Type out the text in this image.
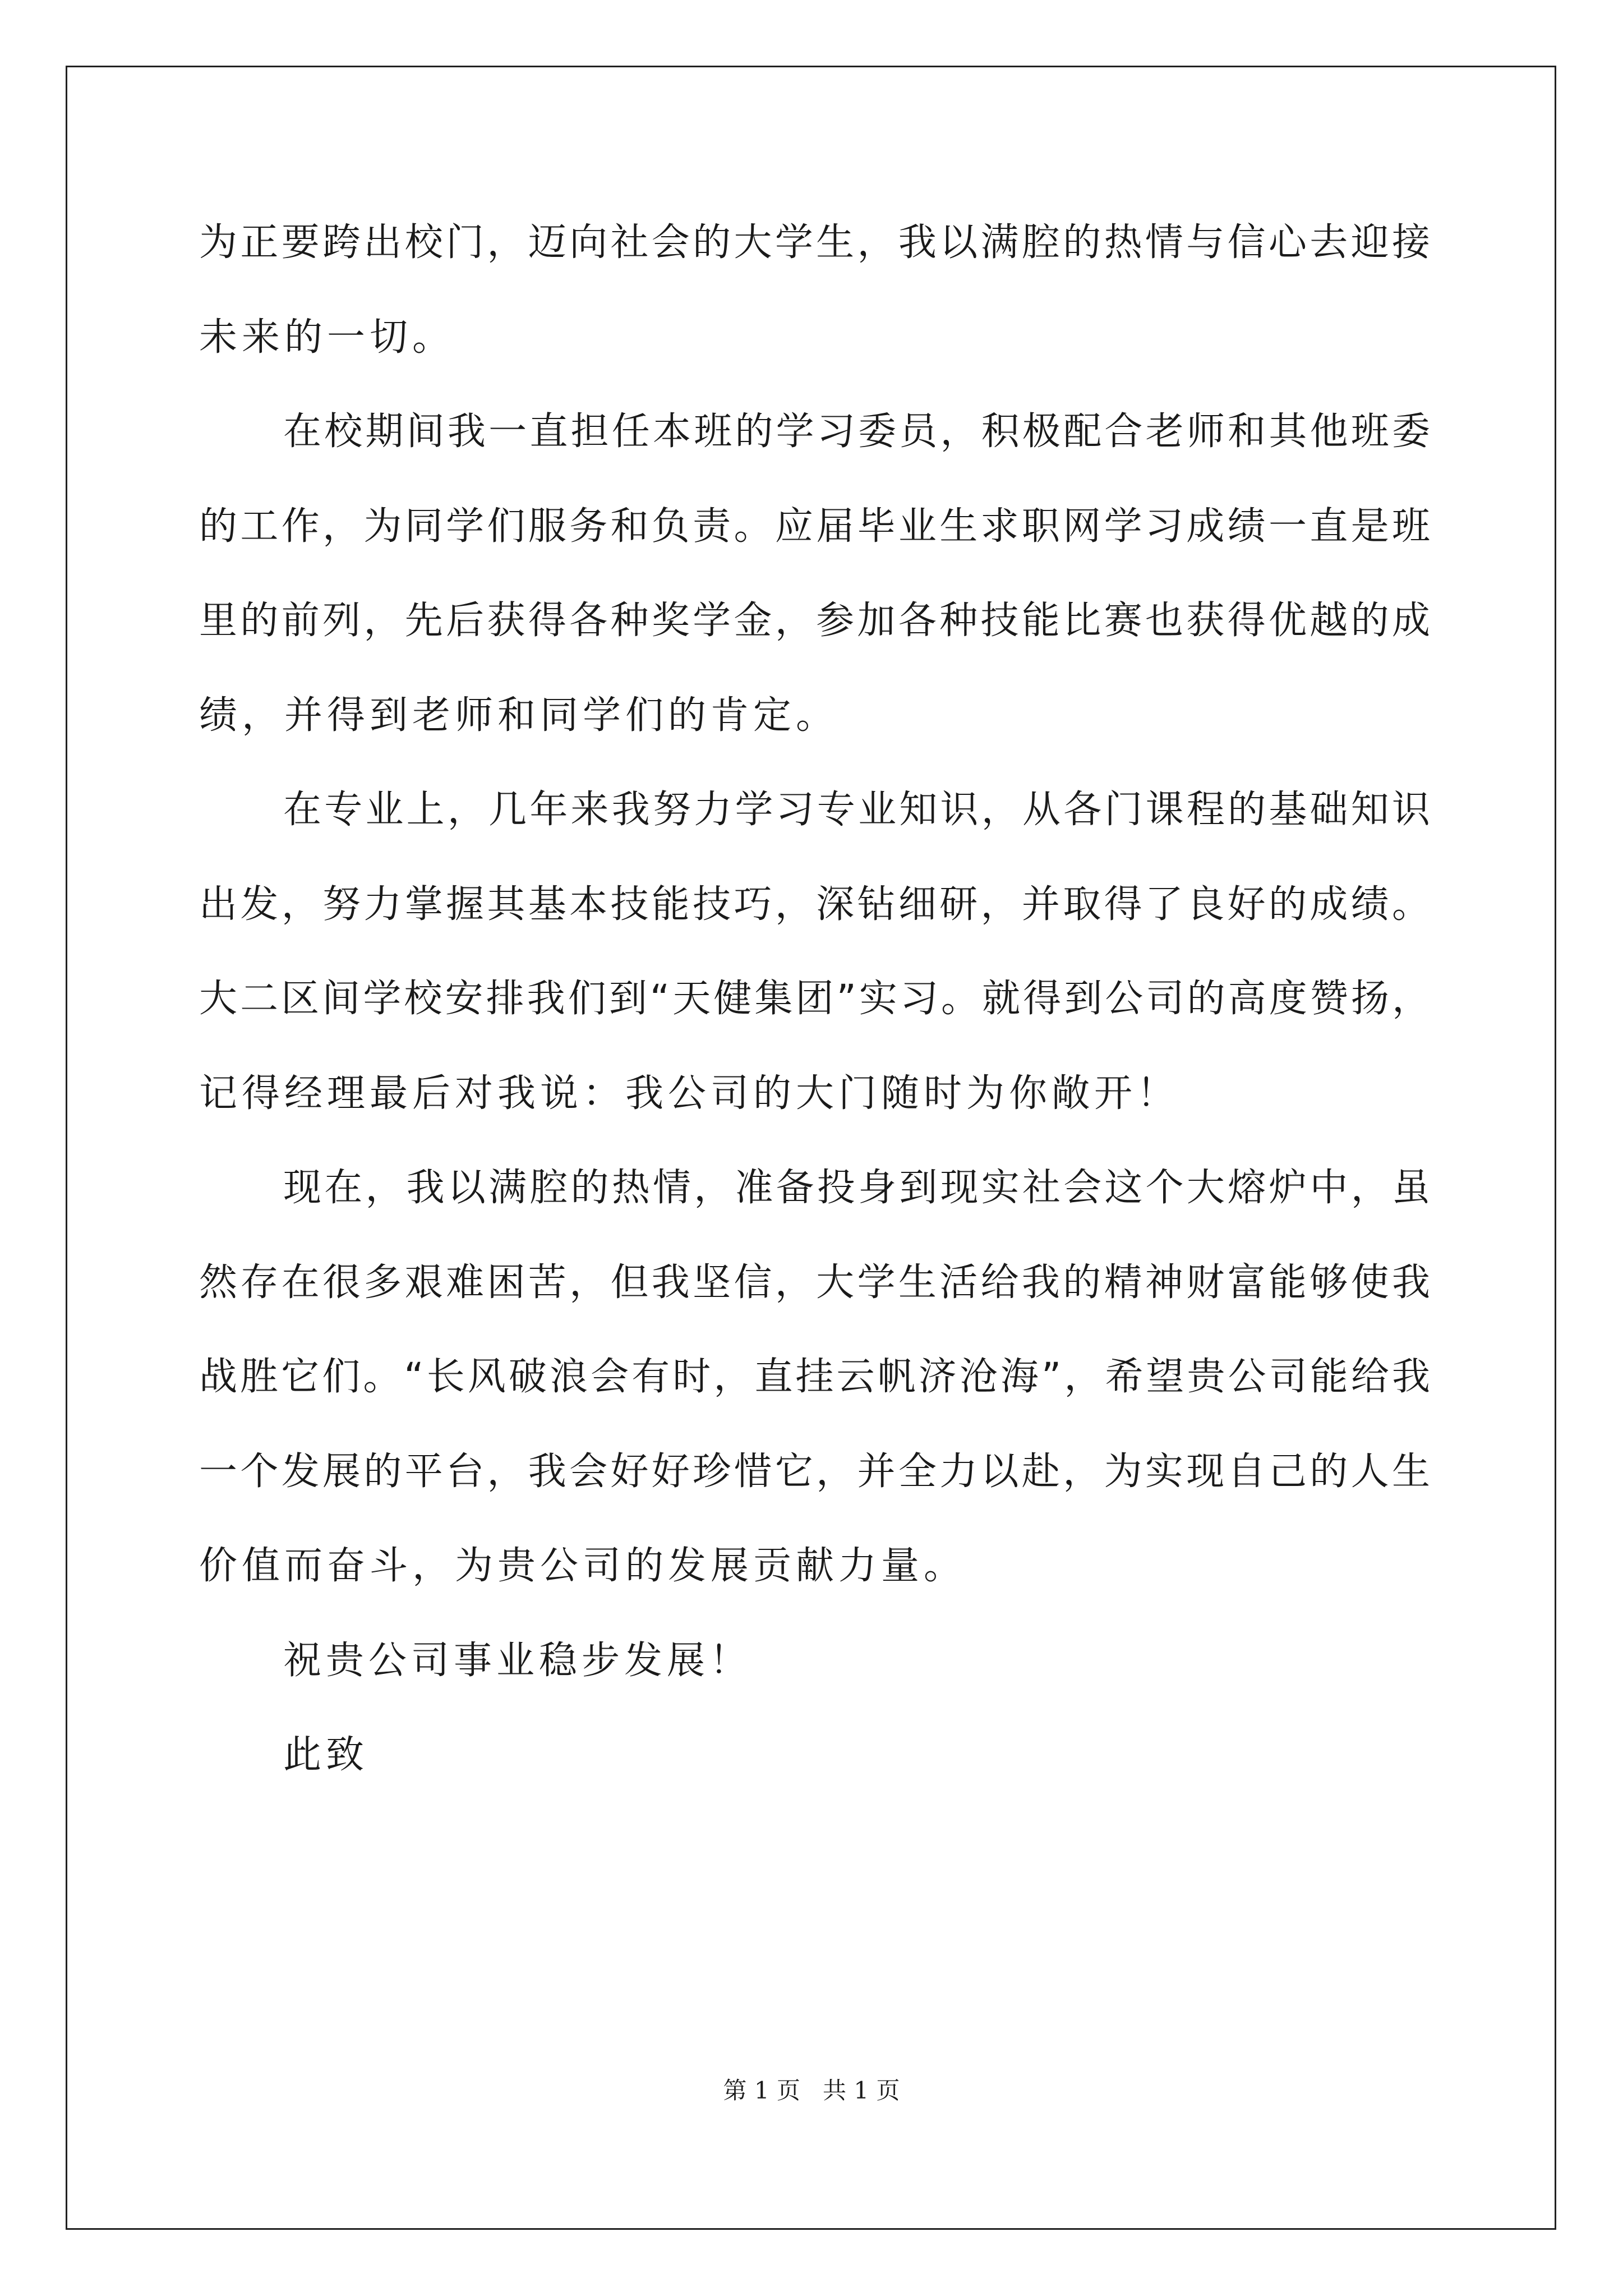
为正要跨出校门，迈向社会的大学生，我以满腔的热情与信心去迎接
未来的一切。
在校期间我一直担任本班的学习委员，积极配合老师和其他班委
的工作，为同学们服务和负责。应届毕业生求职网学习成绩一直是班
里的前列，先后获得各种奖学金，参加各种技能比赛也获得优越的成
绩，并得到老师和同学们的肯定。
在专业上，几年来我努力学习专业知识，从各门课程的基础知识
出发，努力掌握其基本技能技巧，深钻细研，并取得了良好的成绩。
大二区间学校安排我们到“天健集团”实习。就得到公司的高度赞扬，
记得经理最后对我说：我公司的大门随时为你敞开！
现在，我以满腔的热情，准备投身到现实社会这个大熔炉中，虽
然存在很多艰难困苦，但我坚信，大学生活给我的精神财富能够使我
战胜它们。“长风破浪会有时，直挂云帆济沧海”，希望贵公司能给我
一个发展的平台，我会好好珍惜它，并全力以赴，为实现自己的人生
价值而奋斗，为贵公司的发展贡献力量。
祝贵公司事业稳步发展！
此致
第 1 页   共 1 页
